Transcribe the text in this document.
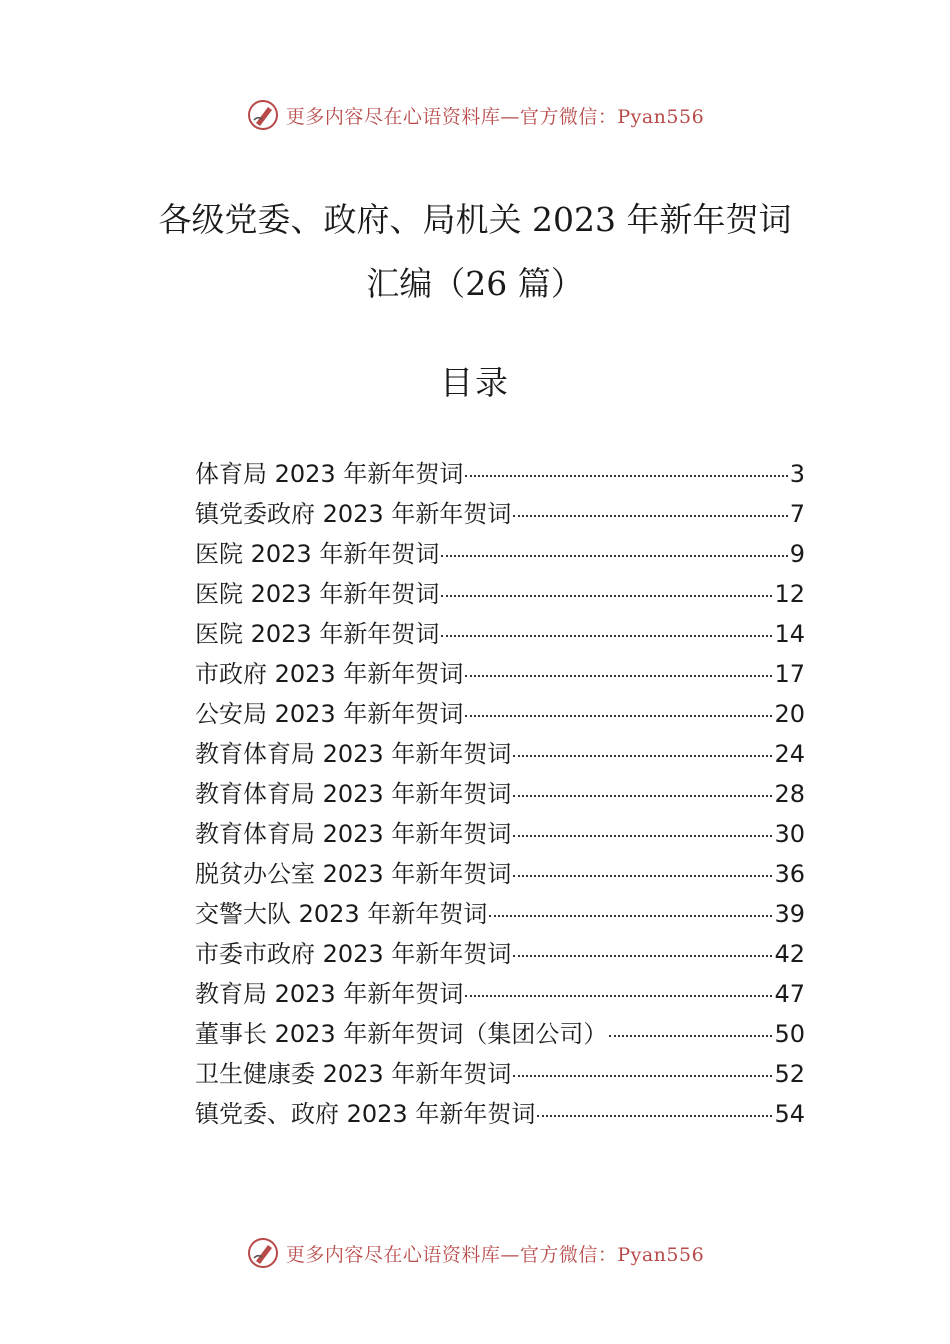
更多内容尽在心语资料库—官方微信：Pyan556
各级党委、政府、局机关 2023 年新年贺词
汇编（26 篇）
目录
体育局 2023 年新年贺词	3
镇党委政府 2023 年新年贺词	7
医院 2023 年新年贺词	9
医院 2023 年新年贺词	12
医院 2023 年新年贺词	14
市政府 2023 年新年贺词	17
公安局 2023 年新年贺词	20
教育体育局 2023 年新年贺词	24
教育体育局 2023 年新年贺词	28
教育体育局 2023 年新年贺词	30
脱贫办公室 2023 年新年贺词	36
交警大队 2023 年新年贺词	39
市委市政府 2023 年新年贺词	42
教育局 2023 年新年贺词	47
董事长 2023 年新年贺词（集团公司）	50
卫生健康委 2023 年新年贺词	52
镇党委、政府 2023 年新年贺词	54
更多内容尽在心语资料库—官方微信：Pyan556
